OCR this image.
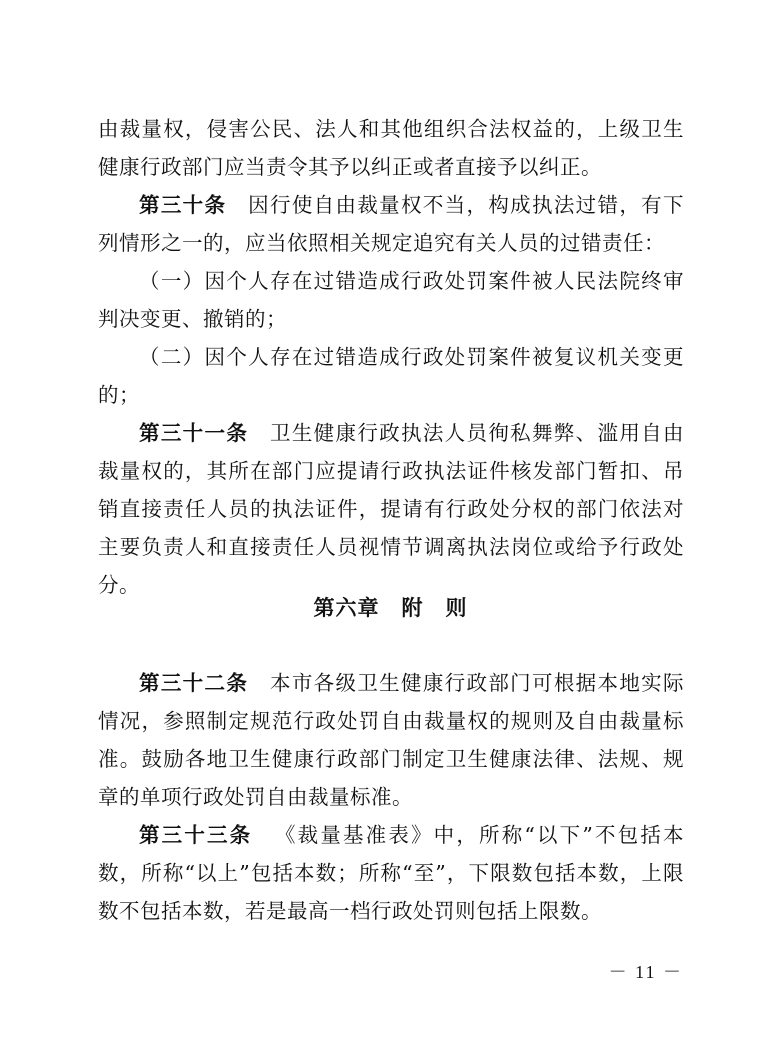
由裁量权，侵害公民、法人和其他组织合法权益的，上级卫生健康行政部门应当责令其予以纠正或者直接予以纠正。

第三十条  因行使自由裁量权不当，构成执法过错，有下列情形之一的，应当依照相关规定追究有关人员的过错责任：

（一）因个人存在过错造成行政处罚案件被人民法院终审判决变更、撤销的；

（二）因个人存在过错造成行政处罚案件被复议机关变更的；

第三十一条  卫生健康行政执法人员徇私舞弊、滥用自由裁量权的，其所在部门应提请行政执法证件核发部门暂扣、吊销直接责任人员的执法证件，提请有行政处分权的部门依法对主要负责人和直接责任人员视情节调离执法岗位或给予行政处分。

第六章　附　则

第三十二条  本市各级卫生健康行政部门可根据本地实际情况，参照制定规范行政处罚自由裁量权的规则及自由裁量标准。鼓励各地卫生健康行政部门制定卫生健康法律、法规、规章的单项行政处罚自由裁量标准。

第三十三条  《裁量基准表》中，所称“以下”不包括本数，所称“以上”包括本数；所称“至”，下限数包括本数，上限数不包括本数，若是最高一档行政处罚则包括上限数。

－ 11 －
